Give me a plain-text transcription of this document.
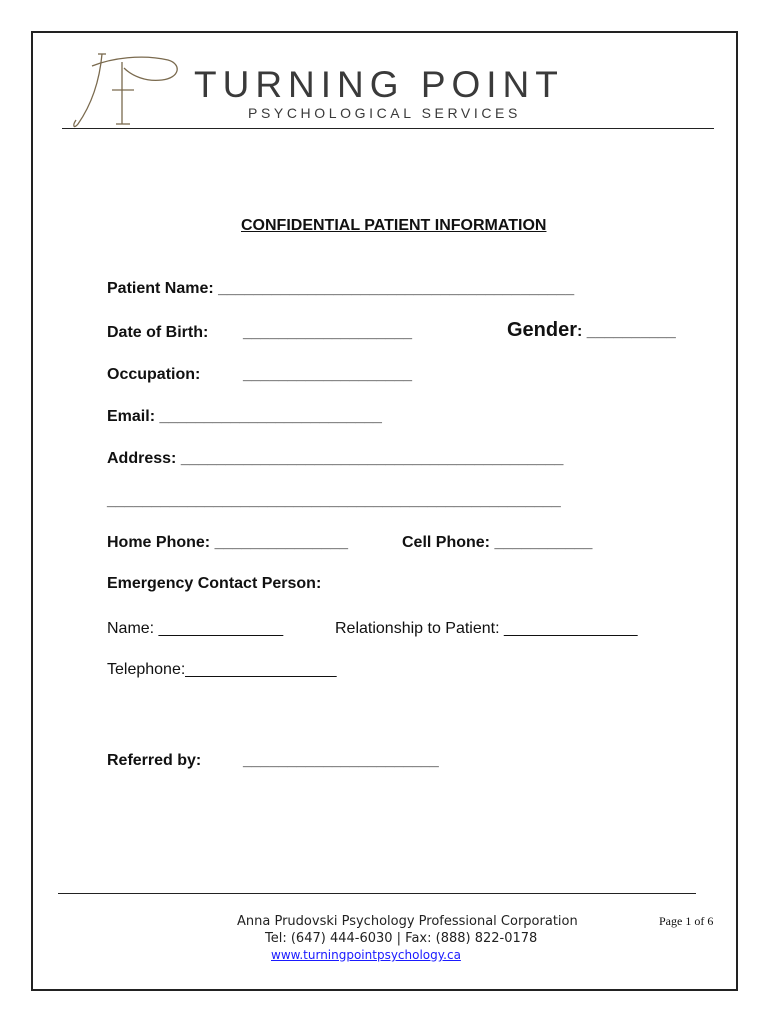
TURNING POINT
PSYCHOLOGICAL SERVICES
CONFIDENTIAL PATIENT INFORMATION
Patient Name: ________________________________________
Date of Birth: ___________________	Gender: __________
Occupation:	___________________
Email: _________________________
Address: ___________________________________________
___________________________________________________
Home Phone: _______________	Cell Phone: ___________
Emergency Contact Person:
Name: ______________	Relationship to Patient: _______________
Telephone:_________________
Referred by:	______________________
Anna Prudovski Psychology Professional Corporation
Tel: (647) 444-6030 | Fax: (888) 822-0178
www.turningpointpsychology.ca
Page 1 of 6
